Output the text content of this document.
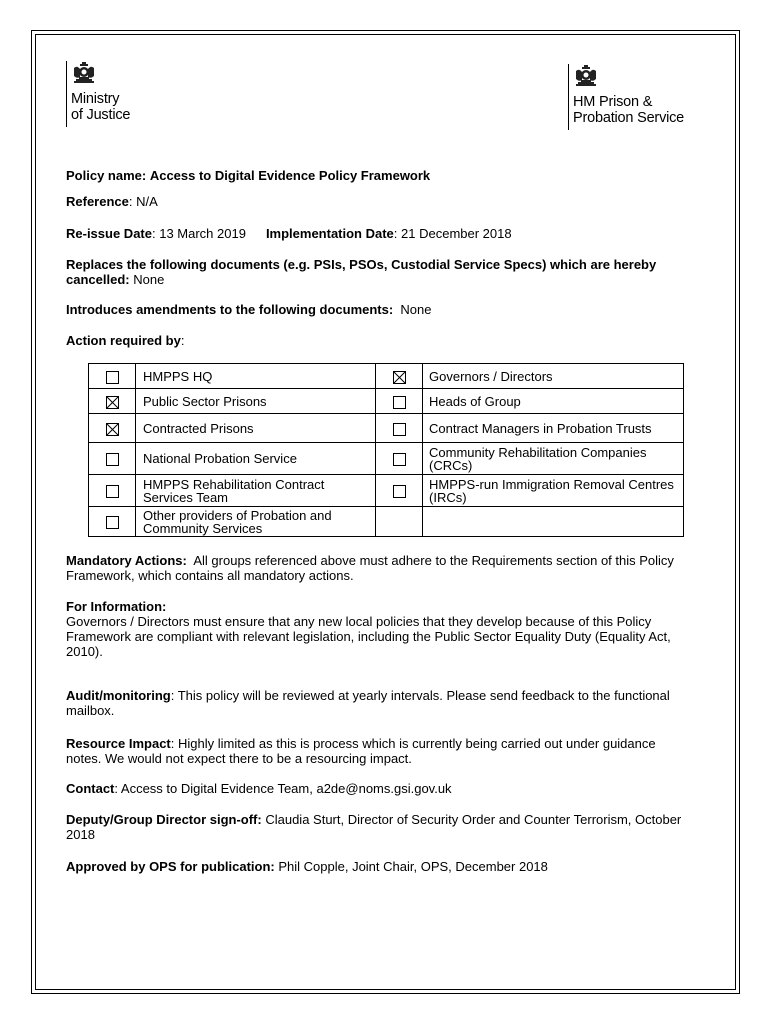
Ministry
of Justice
HM Prison &
Probation Service
Policy name: Access to Digital Evidence Policy Framework
Reference: N/A
Re-issue Date: 13 March 2019 Implementation Date: 21 December 2018
Replaces the following documents (e.g. PSIs, PSOs, Custodial Service Specs) which are hereby cancelled: None
Introduces amendments to the following documents: None
Action required by:
	HMPPS HQ		Governors / Directors

	Public Sector Prisons		Heads of Group

	Contracted Prisons		Contract Managers in Probation Trusts
	National Probation Service		Community Rehabilitation Companies (CRCs)
	HMPPS Rehabilitation Contract Services Team		HMPPS-run Immigration Removal Centres (IRCs)
	Other providers of Probation and Community Services		
Mandatory Actions: All groups referenced above must adhere to the Requirements section of this Policy Framework, which contains all mandatory actions.
For Information:
Governors / Directors must ensure that any new local policies that they develop because of this Policy Framework are compliant with relevant legislation, including the Public Sector Equality Duty (Equality Act, 2010).
Audit/monitoring: This policy will be reviewed at yearly intervals. Please send feedback to the functional mailbox.
Resource Impact: Highly limited as this is process which is currently being carried out under guidance notes. We would not expect there to be a resourcing impact.
Contact: Access to Digital Evidence Team, a2de@noms.gsi.gov.uk
Deputy/Group Director sign-off: Claudia Sturt, Director of Security Order and Counter Terrorism, October 2018
Approved by OPS for publication: Phil Copple, Joint Chair, OPS, December 2018
